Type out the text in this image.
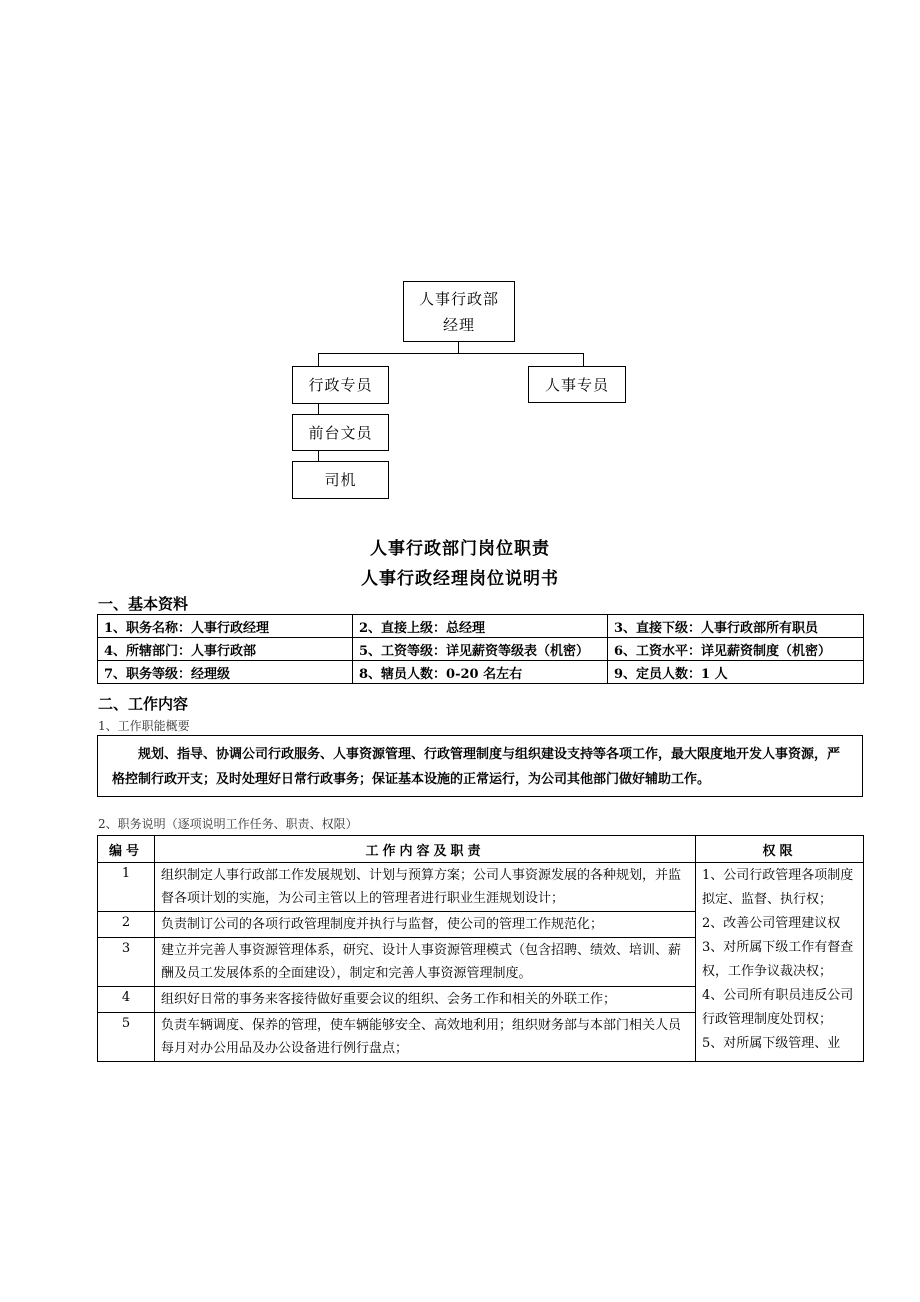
人事行政部
经理
行政专员	人事专员
前台文员
司机
人事行政部门岗位职责
人事行政经理岗位说明书
一、基本资料
1、职务名称：人事行政经理	2、直接上级：总经理	3、直接下级：人事行政部所有职员
4、所辖部门：人事行政部	5、工资等级：详见薪资等级表（机密）	6、工资水平：详见薪资制度（机密）
7、职务等级：经理级	8、辖员人数：0-20 名左右	9、定员人数：1 人
二、工作内容
1、工作职能概要
规划、指导、协调公司行政服务、人事资源管理、行政管理制度与组织建设支持等各项工作，最大限度地开发人事资源，严格控制行政开支；及时处理好日常行政事务；保证基本设施的正常运行，为公司其他部门做好辅助工作。
2、职务说明（逐项说明工作任务、职责、权限）
编号	工作内容及职责	权限
1	组织制定人事行政部工作发展规划、计划与预算方案；公司人事资源发展的各种规划，并监督各项计划的实施，为公司主管以上的管理者进行职业生涯规划设计；	1、公司行政管理各项制度拟定、监督、执行权；
2、改善公司管理建议权
3、对所属下级工作有督查权，工作争议裁决权；
4、公司所有职员违反公司行政管理制度处罚权；
5、对所属下级管理、业

2	负责制订公司的各项行政管理制度并执行与监督，使公司的管理工作规范化；	
3	建立并完善人事资源管理体系，研究、设计人事资源管理模式（包含招聘、绩效、培训、薪酬及员工发展体系的全面建设），制定和完善人事资源管理制度。	
4	组织好日常的事务来客接待做好重要会议的组织、会务工作和相关的外联工作；	
5	负责车辆调度、保养的管理，使车辆能够安全、高效地利用；组织财务部与本部门相关人员每月对办公用品及办公设备进行例行盘点；	
